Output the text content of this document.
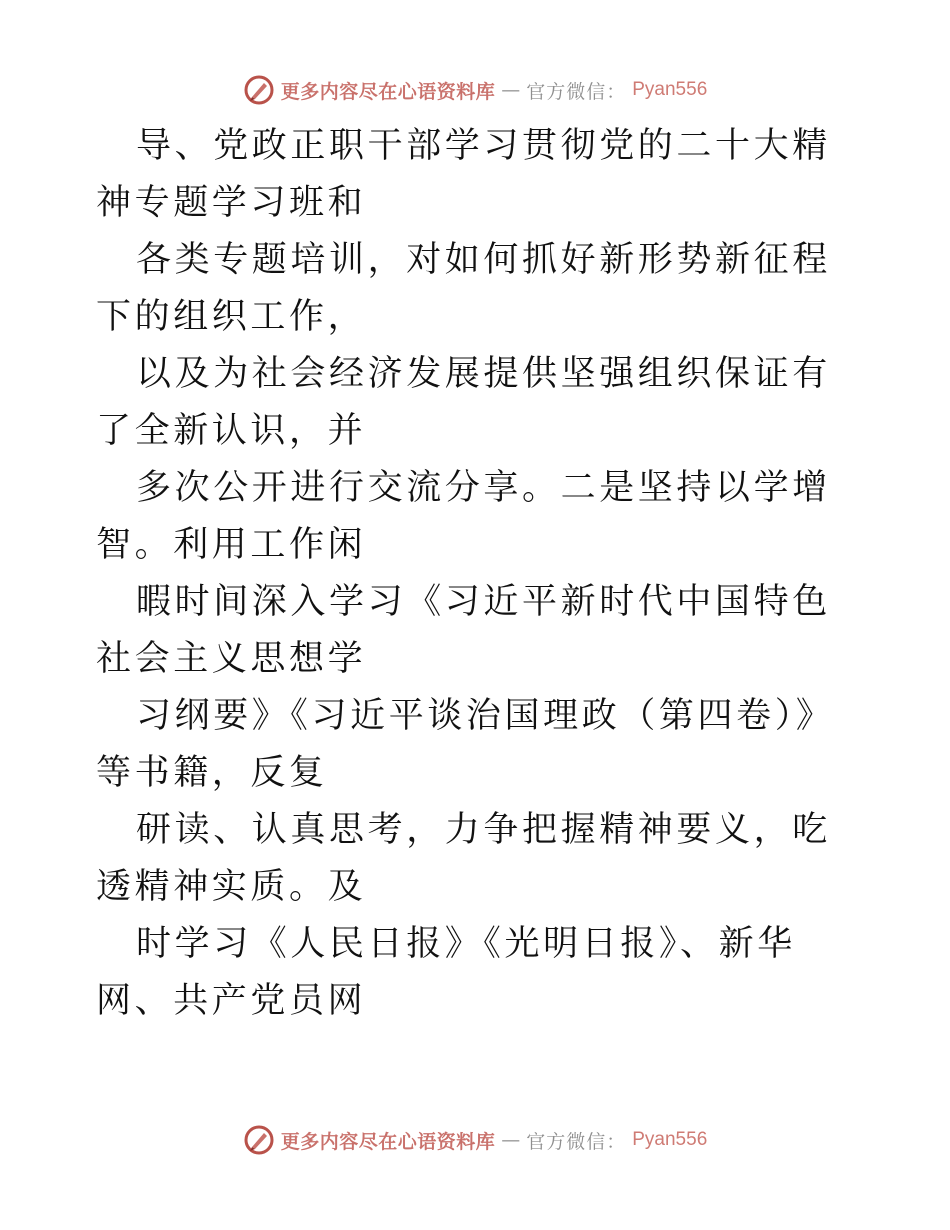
更多内容尽在心语资料库 — 官方微信： Pyan556

导、党政正职干部学习贯彻党的二十大精神专题学习班和

各类专题培训，对如何抓好新形势新征程下的组织工作，

以及为社会经济发展提供坚强组织保证有了全新认识，并

多次公开进行交流分享。二是坚持以学增智。利用工作闲

暇时间深入学习《习近平新时代中国特色社会主义思想学

习纲要》《习近平谈治国理政（第四卷）》等书籍，反复

研读、认真思考，力争把握精神要义，吃透精神实质。及

时学习《人民日报》《光明日报》、新华网、共产党员网

更多内容尽在心语资料库 — 官方微信： Pyan556
